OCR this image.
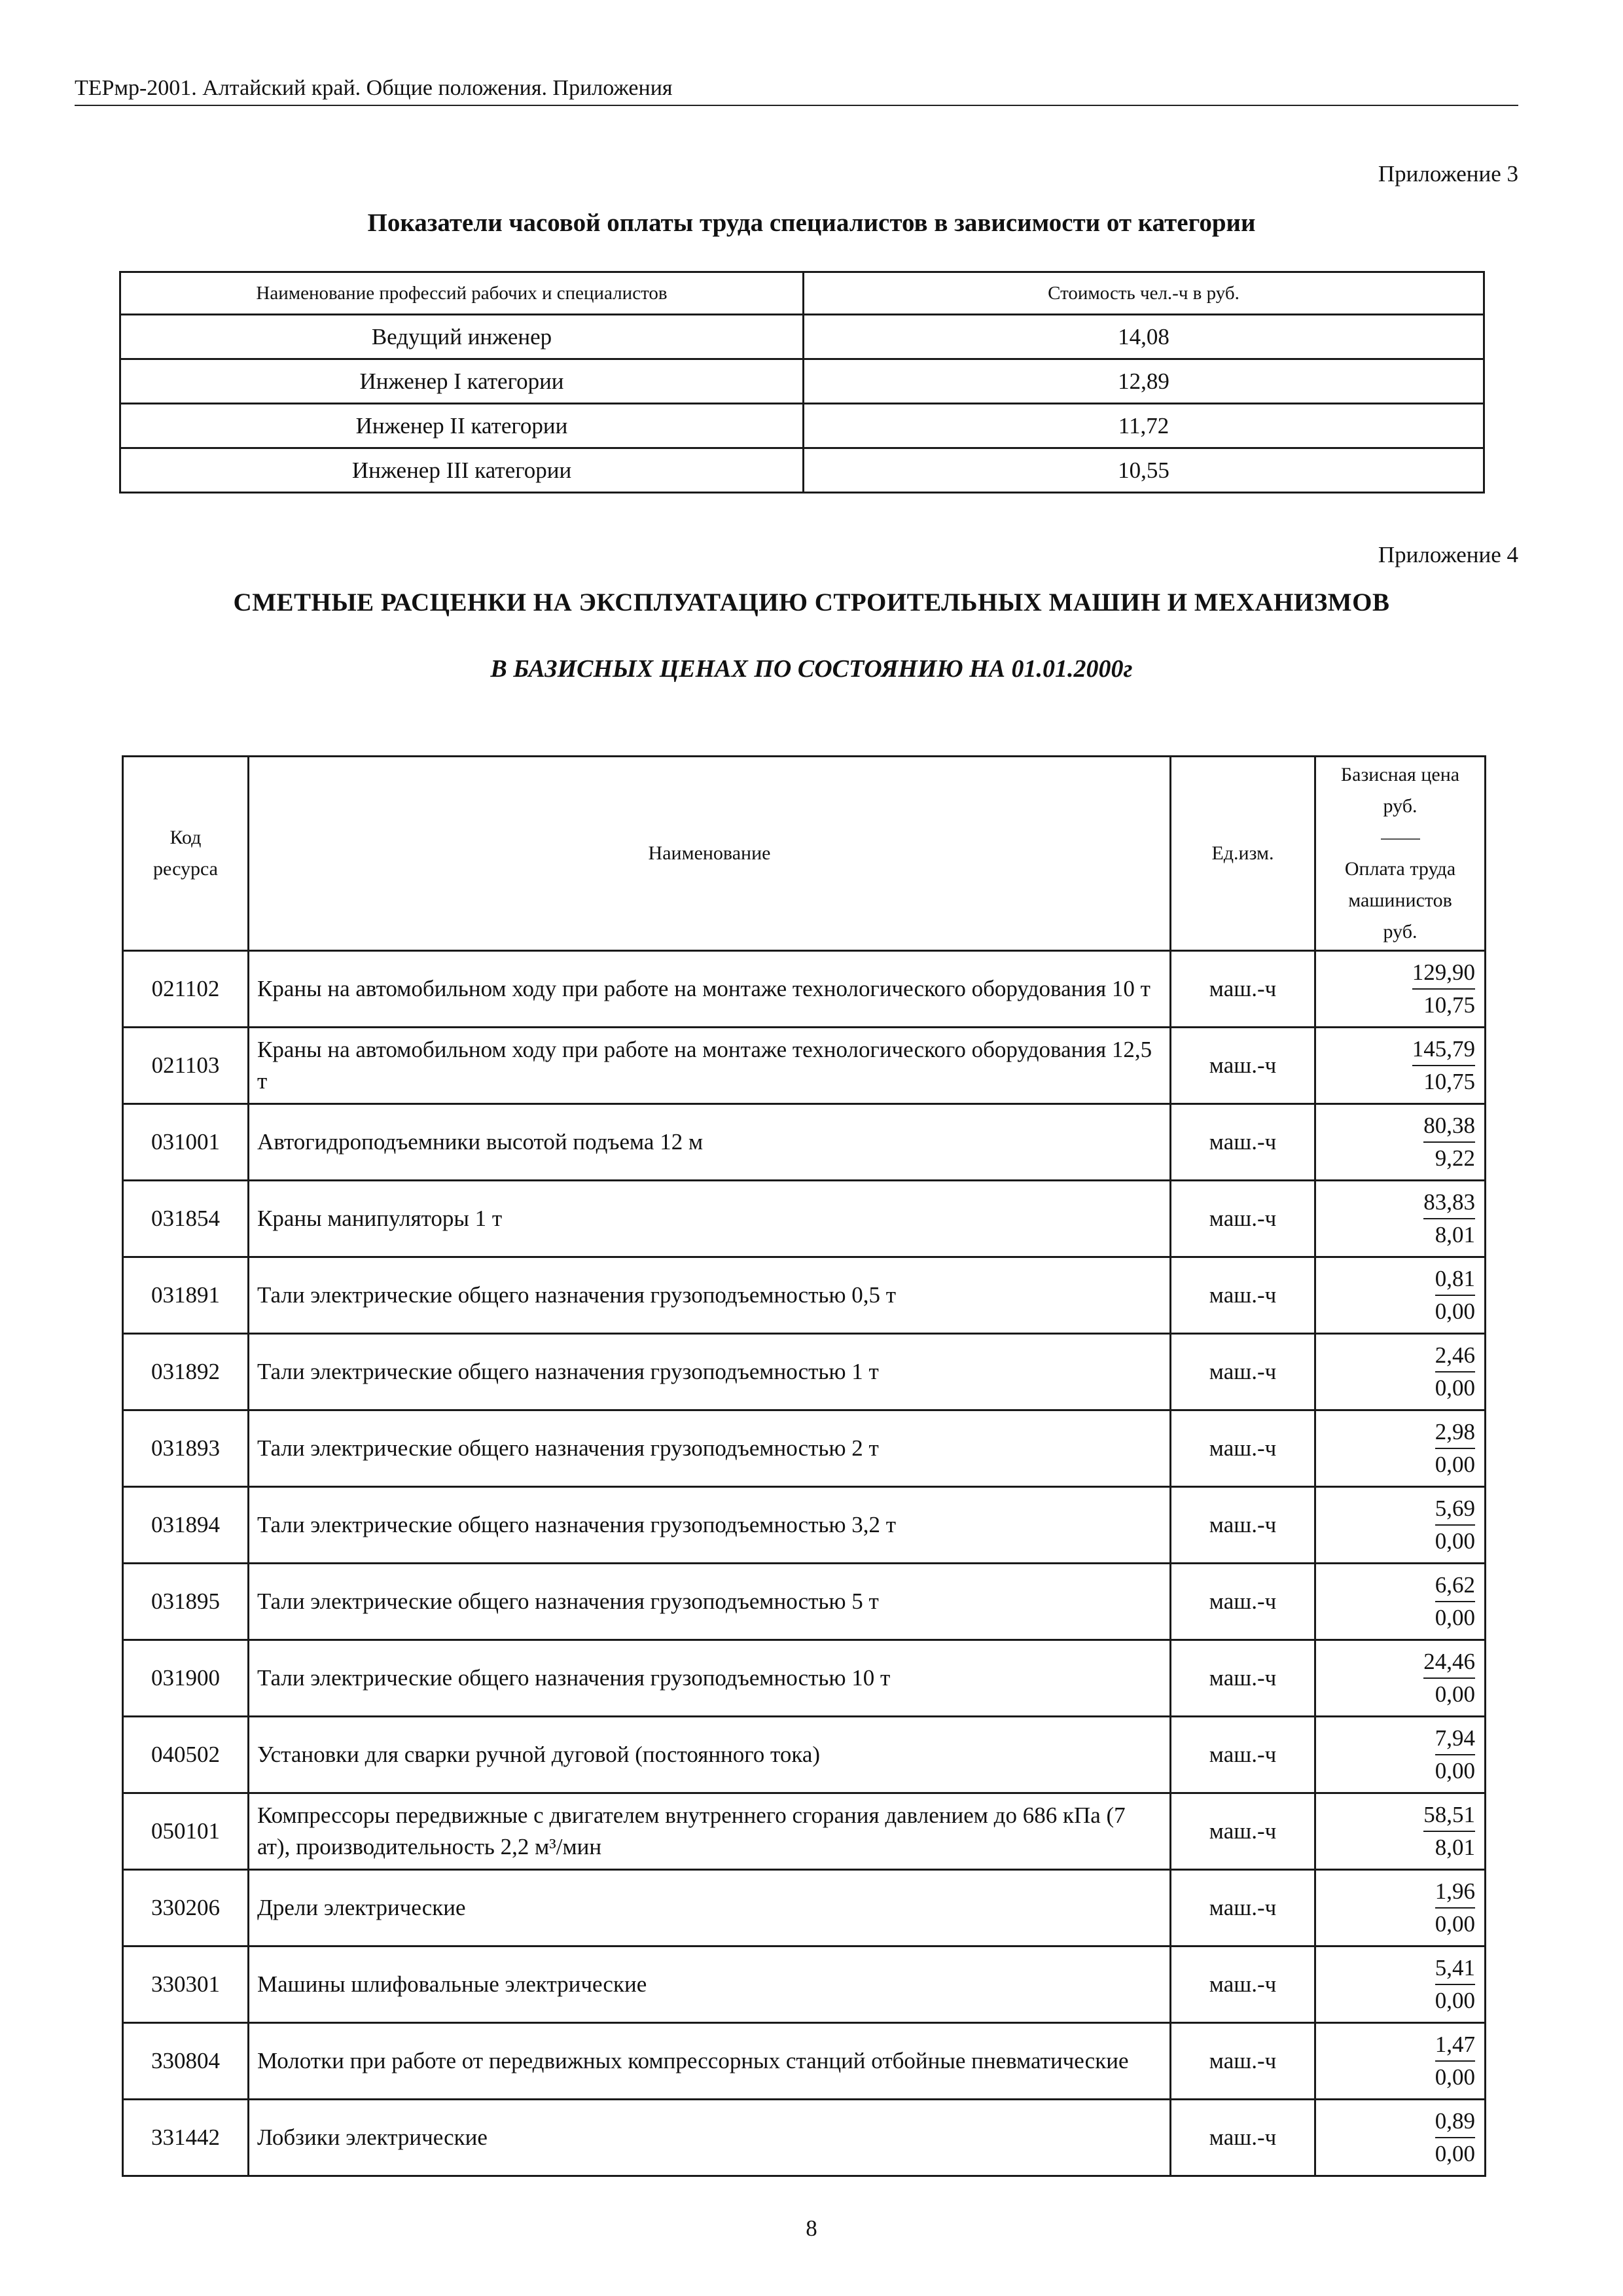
ТЕРмр-2001. Алтайский край. Общие положения. Приложения
Приложение 3
Показатели часовой оплаты труда специалистов в зависимости от категории
Наименование профессий рабочих и специалистов	Стоимость чел.-ч в руб.
Ведущий инженер	14,08
Инженер I категории	12,89
Инженер II категории	11,72
Инженер III категории	10,55
Приложение 4
СМЕТНЫЕ РАСЦЕНКИ НА ЭКСПЛУАТАЦИЮ СТРОИТЕЛЬНЫХ МАШИН И МЕХАНИЗМОВ
В БАЗИСНЫХ ЦЕНАХ ПО СОСТОЯНИЮ НА 01.01.2000г
Код
ресурса	Наименование	Ед.изм.	Базисная цена
руб.

Оплата труда
машинистов
руб.
021102	Краны на автомобильном ходу при работе на монтаже технологического оборудования 10 т	маш.-ч	$\frac{129,90}{10,75}$

021103	Краны на автомобильном ходу при работе на монтаже технологического оборудования 12,5 т	маш.-ч	$\frac{145,79}{10,75}$

031001	Автогидроподъемники высотой подъема 12 м	маш.-ч	$\frac{80,38}{9,22}$

031854	Краны манипуляторы 1 т	маш.-ч	$\frac{83,83}{8,01}$

031891	Тали электрические общего назначения грузоподъемностью 0,5 т	маш.-ч	$\frac{0,81}{0,00}$

031892	Тали электрические общего назначения грузоподъемностью 1 т	маш.-ч	$\frac{2,46}{0,00}$

031893	Тали электрические общего назначения грузоподъемностью 2 т	маш.-ч	$\frac{2,98}{0,00}$

031894	Тали электрические общего назначения грузоподъемностью 3,2 т	маш.-ч	$\frac{5,69}{0,00}$

031895	Тали электрические общего назначения грузоподъемностью 5 т	маш.-ч	$\frac{6,62}{0,00}$

031900	Тали электрические общего назначения грузоподъемностью 10 т	маш.-ч	$\frac{24,46}{0,00}$

040502	Установки для сварки ручной дуговой (постоянного тока)	маш.-ч	$\frac{7,94}{0,00}$

050101	Компрессоры передвижные с двигателем внутреннего сгорания давлением до 686 кПа (7 ат), производительность 2,2 м³/мин	маш.-ч	$\frac{58,51}{8,01}$

330206	Дрели электрические	маш.-ч	$\frac{1,96}{0,00}$

330301	Машины шлифовальные электрические	маш.-ч	$\frac{5,41}{0,00}$

330804	Молотки при работе от передвижных компрессорных станций отбойные пневматические	маш.-ч	$\frac{1,47}{0,00}$

331442	Лобзики электрические	маш.-ч	$\frac{0,89}{0,00}$
8
